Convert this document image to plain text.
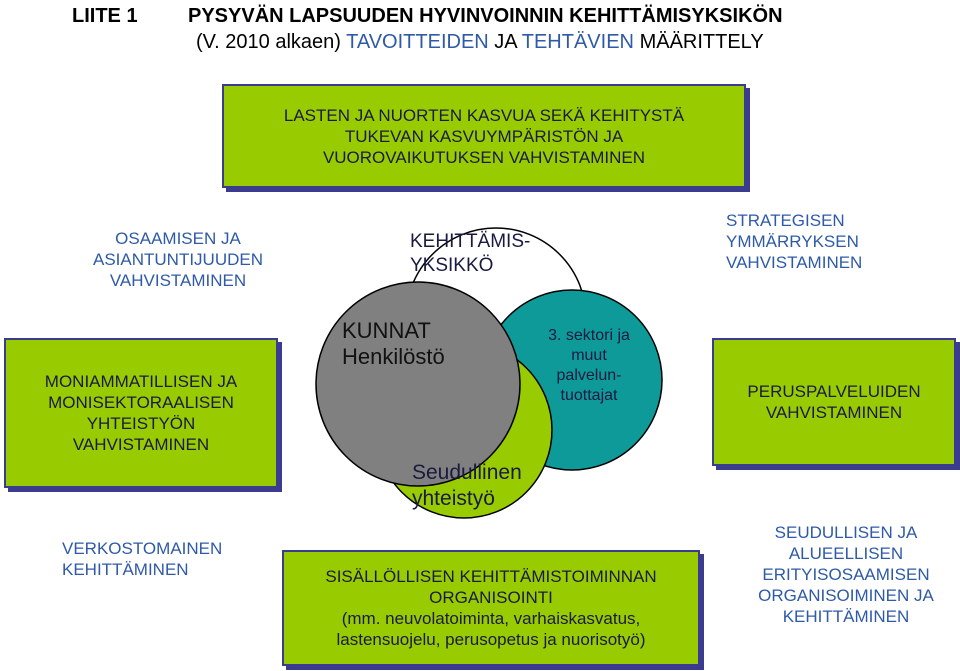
LIITE 1	PYSYVÄN LAPSUUDEN HYVINVOINNIN KEHITTÄMISYKSIKÖN
(V. 2010 alkaen) TAVOITTEIDEN JA TEHTÄVIEN MÄÄRITTELY
LASTEN JA NUORTEN KASVUA SEKÄ KEHITYSTÄ TUKEVAN KASVUYMPÄRISTÖN JA VUOROVAIKUTUKSEN VAHVISTAMINEN
MONIAMMATILLISEN JA MONISEKTORAALISEN YHTEISTYÖN VAHVISTAMINEN
PERUSPALVELUIDEN VAHVISTAMINEN
SISÄLLÖLLISEN KEHITTÄMISTOIMINNAN
ORGANISOINTI
(mm. neuvolatoiminta, varhaiskasvatus,
lastensuojelu, perusopetus ja nuorisotyö)
OSAAMISEN JA ASIANTUNTIJUUDEN VAHVISTAMINEN
STRATEGISEN YMMÄRRYKSEN VAHVISTAMINEN
VERKOSTOMAINEN KEHITTÄMINEN
SEUDULLISEN JA ALUEELLISEN ERITYISOSAAMISEN ORGANISOIMINEN JA KEHITTÄMINEN
KEHITTÄMIS-
YKSIKKÖ
KUNNAT
Henkilöstö
3. sektori ja
muut
palvelun-
tuottajat
Seudullinen
yhteistyö
